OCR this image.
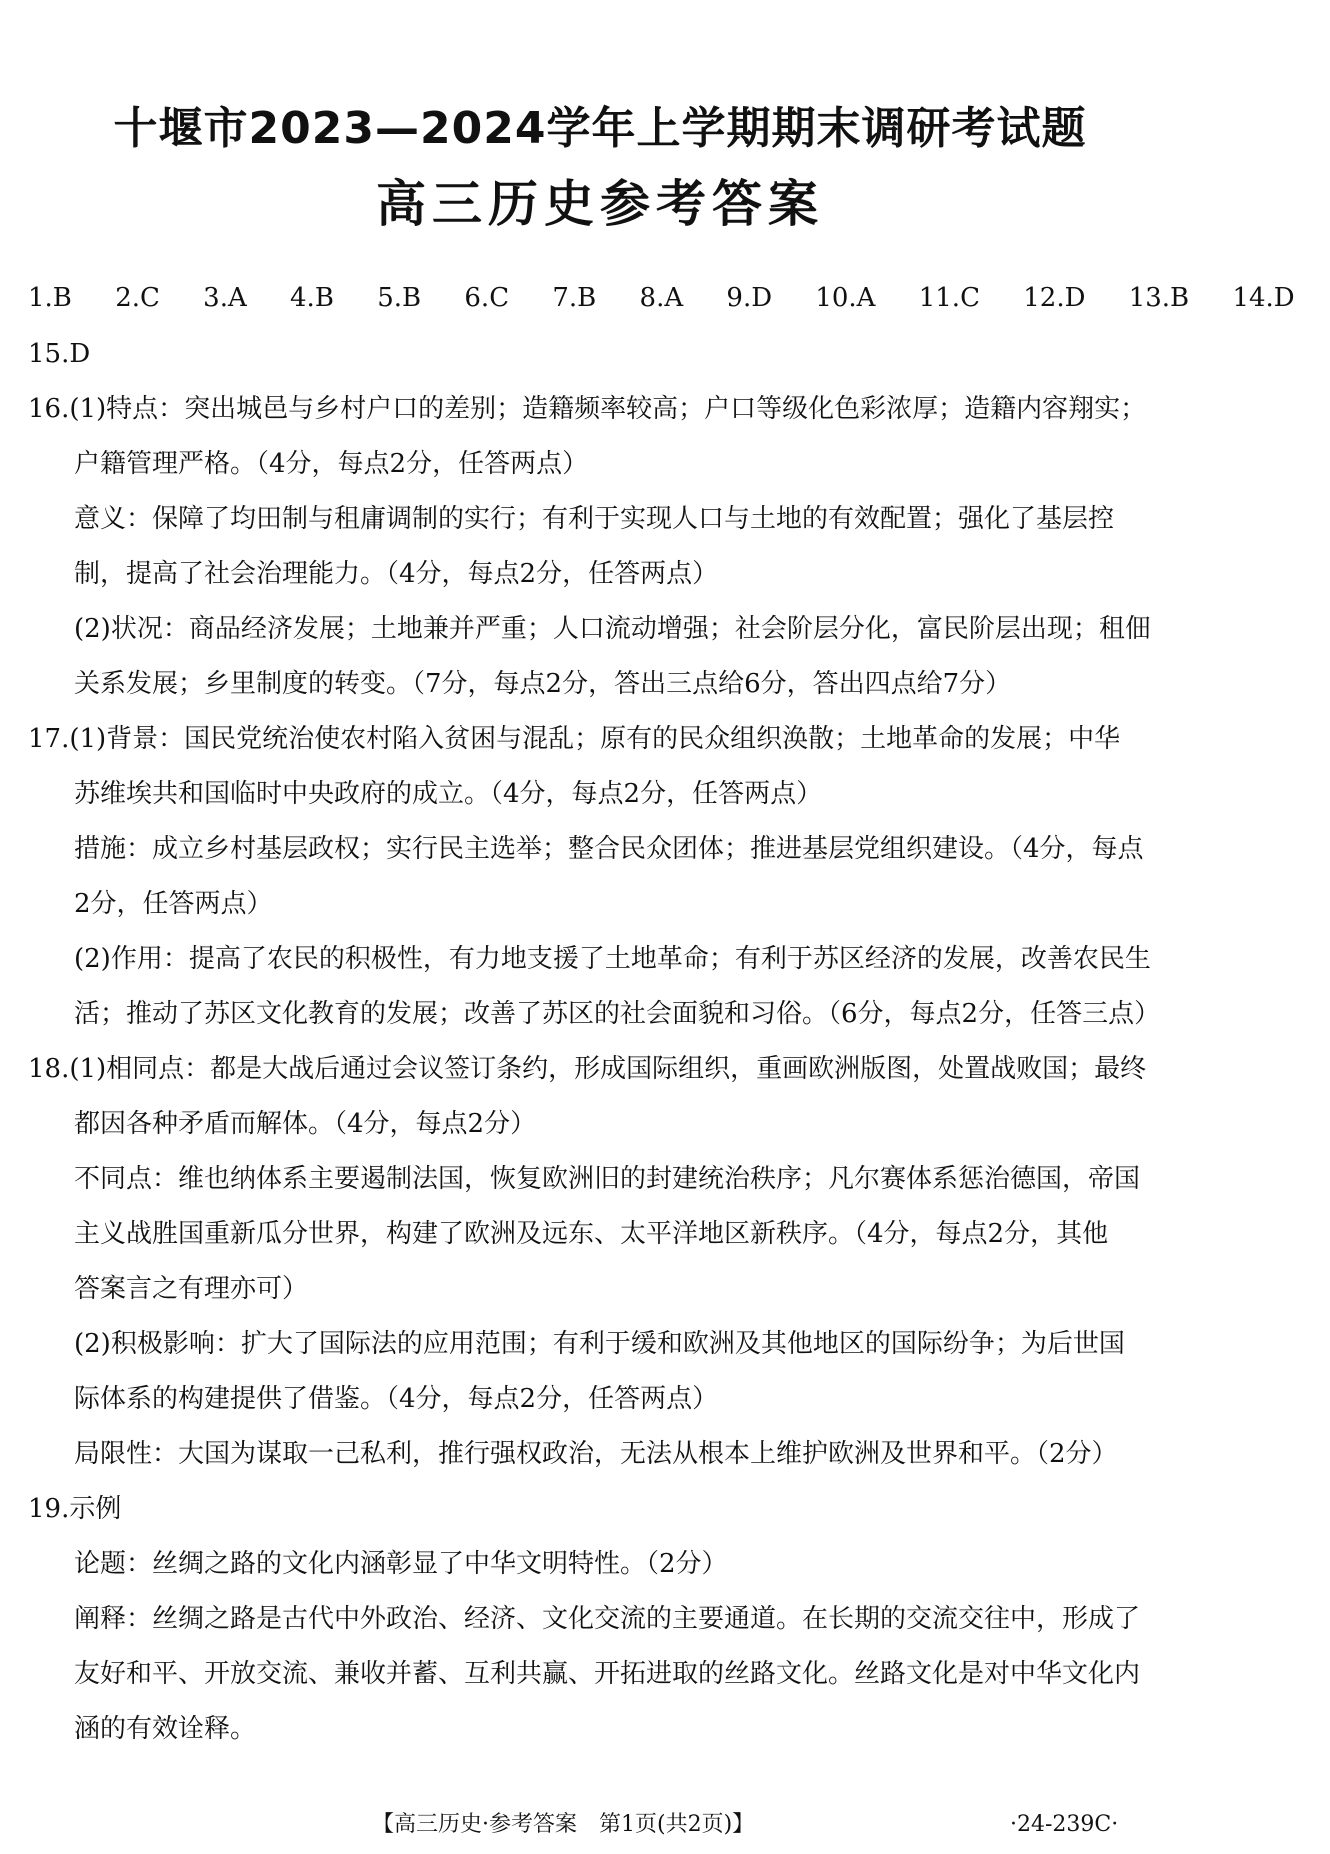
十堰市2023—2024学年上学期期末调研考试题
高三历史参考答案
1.B 2.C 3.A 4.B 5.B 6.C 7.B 8.A 9.D 10.A 11.C 12.D 13.B 14.D
15.D
16.(1)特点：突出城邑与乡村户口的差别；造籍频率较高；户口等级化色彩浓厚；造籍内容翔实；
户籍管理严格。（4分，每点2分，任答两点）
意义：保障了均田制与租庸调制的实行；有利于实现人口与土地的有效配置；强化了基层控
制，提高了社会治理能力。（4分，每点2分，任答两点）
(2)状况：商品经济发展；土地兼并严重；人口流动增强；社会阶层分化，富民阶层出现；租佃
关系发展；乡里制度的转变。（7分，每点2分，答出三点给6分，答出四点给7分）
17.(1)背景：国民党统治使农村陷入贫困与混乱；原有的民众组织涣散；土地革命的发展；中华
苏维埃共和国临时中央政府的成立。（4分，每点2分，任答两点）
措施：成立乡村基层政权；实行民主选举；整合民众团体；推进基层党组织建设。（4分，每点
2分，任答两点）
(2)作用：提高了农民的积极性，有力地支援了土地革命；有利于苏区经济的发展，改善农民生
活；推动了苏区文化教育的发展；改善了苏区的社会面貌和习俗。（6分，每点2分，任答三点）
18.(1)相同点：都是大战后通过会议签订条约，形成国际组织，重画欧洲版图，处置战败国；最终
都因各种矛盾而解体。（4分，每点2分）
不同点：维也纳体系主要遏制法国，恢复欧洲旧的封建统治秩序；凡尔赛体系惩治德国，帝国
主义战胜国重新瓜分世界，构建了欧洲及远东、太平洋地区新秩序。（4分，每点2分，其他
答案言之有理亦可）
(2)积极影响：扩大了国际法的应用范围；有利于缓和欧洲及其他地区的国际纷争；为后世国
际体系的构建提供了借鉴。（4分，每点2分，任答两点）
局限性：大国为谋取一己私利，推行强权政治，无法从根本上维护欧洲及世界和平。（2分）
19.示例
论题：丝绸之路的文化内涵彰显了中华文明特性。（2分）
阐释：丝绸之路是古代中外政治、经济、文化交流的主要通道。在长期的交流交往中，形成了
友好和平、开放交流、兼收并蓄、互利共赢、开拓进取的丝路文化。丝路文化是对中华文化内
涵的有效诠释。
【高三历史·参考答案　第1页(共2页)】	·24-239C·
